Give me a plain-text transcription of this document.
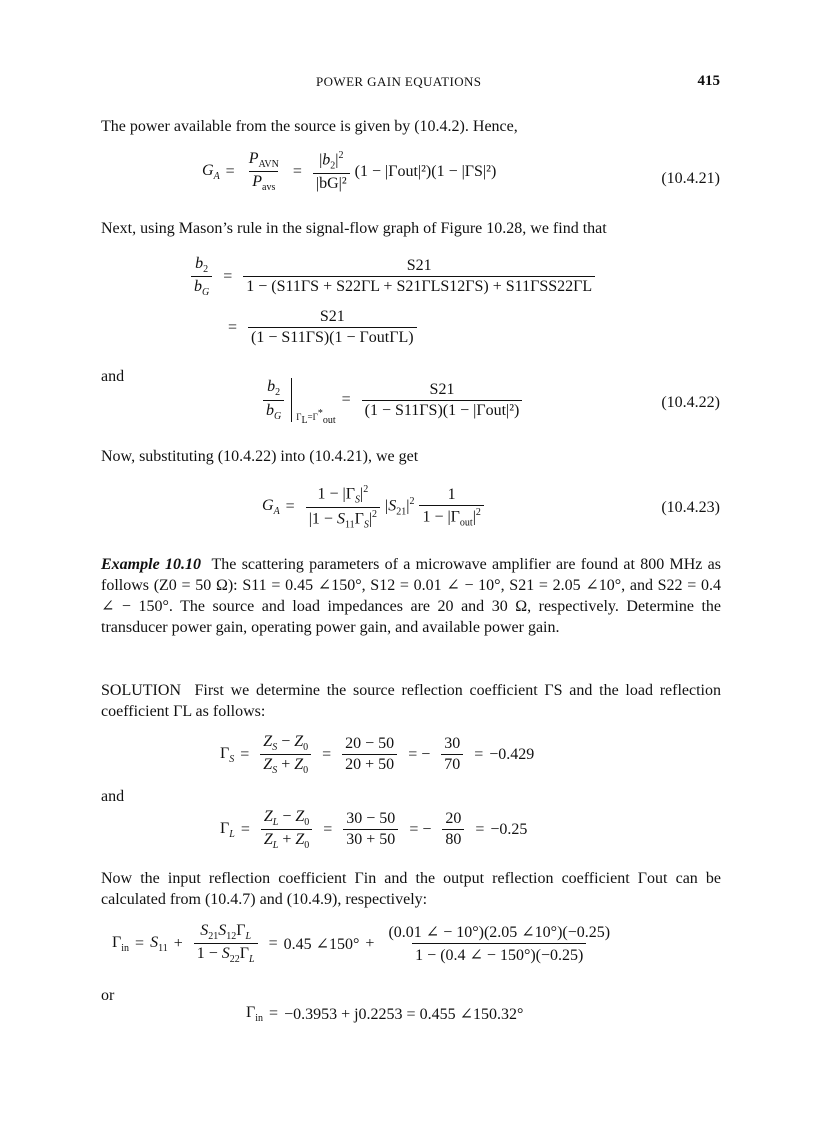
POWER GAIN EQUATIONS	415
The power available from the source is given by (10.4.2). Hence,
$G_A = \frac{P_{AVN}}{P_{avs}} = \frac{|b_2|^2}{\text{|bG|²}} (1 - |\Gamma out|^2)(1 - |\Gamma S|^2)$	(10.4.21)
Next, using Mason’s rule in the signal-flow graph of Figure 10.28, we find that
$\frac{b_2}{b_G} = \frac{S21}{\text{1 − (S11ΓS + S22ΓL + S21ΓLS12ΓS) + S11ΓSS22ΓL}}$
= $\frac{S21}{\text{(1 − S11ΓS)(1 − ΓoutΓL)}}$
and
$\frac{b_2}{b_G} \Gamma_L=\Gamma^*_{out}$
= $\frac{S21}{\text{(1 − S11ΓS)(1 − |Γout|²)}}$	(10.4.22)
Now, substituting (10.4.22) into (10.4.21), we get
$G_A = \frac{1 - |\Gamma_S|^2}{|1 - S_{11}\Gamma_S|^2} |S_{21}|^2 \frac{1}{1 - |\Gamma_{out}|^2}$	(10.4.23)
Example 10.10 The scattering parameters of a microwave amplifier are found at 800 MHz as follows (Z0 = 50 Ω): S11 = 0.45 ∠150°, S12 = 0.01 ∠ − 10°, S21 = 2.05 ∠10°, and S22 = 0.4 ∠ − 150°. The source and load impedances are 20 and 30 Ω, respectively. Determine the transducer power gain, operating power gain, and available power gain.
SOLUTION First we determine the source reflection coefficient ΓS and the load reflection coefficient ΓL as follows:
$\Gamma_S = \frac{Z_S - Z_0}{Z_S + Z_0} = \frac{20 - 50}{20 + 50}$ = − $\frac{30}{70} = -0.429$
and
$\Gamma_L = \frac{Z_L - Z_0}{Z_L + Z_0} = \frac{30 - 50}{30 + 50}$ = − $\frac{20}{80} = -0.25$
Now the input reflection coefficient Γin and the output reflection coefficient Γout can be calculated from (10.4.7) and (10.4.9), respectively:
$\Gamma_{in} = S_{11} + \frac{S_{21}S_{12}\Gamma_L}{1 - S_{22}\Gamma_L} = 0.45$ ∠150° + $\frac{(0.01 \angle - 10^\circ)(2.05 \angle 10^\circ)(-0.25)}{1 - (0.4 \angle - 150^\circ)(-0.25)}$
or
$\Gamma_{in} = -0.3953 + j0.2253 = 0.455$ ∠150.32°
